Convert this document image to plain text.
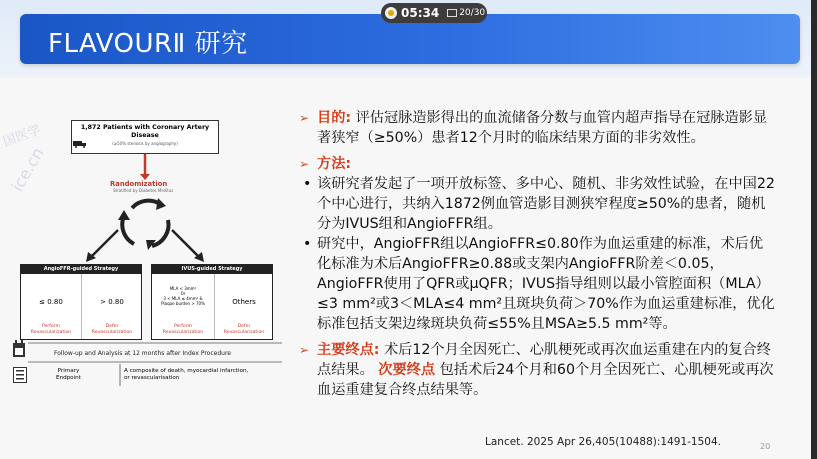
FLAVOURⅡ 研究
05:34 20/30
国医学
ice.cn
1,872 Patients with Coronary Artery Disease
(≥50% stenosis by angiography)
Randomization
Stratified by Diabetes Mellitus
AngioFFR-guided Strategy
≤ 0.80
Perform
Revascularization
> 0.80
Defer
Revascularization
IVUS-guided Strategy
MLA < 3mm²
Or
3 < MLA ≤ 4mm² &
Plaque burden > 70%
Perform
Revascularization
Others
Defer
Revascularization
Follow-up and Analysis at 12 months after Index Procedure
Primary
Endpoint
A composite of death, myocardial infarction,
or revascularisation
➢ 目的: 评估冠脉造影得出的血流储备分数与血管内超声指导在冠脉造影显著狭窄（≥50%）患者12个月时的临床结果方面的非劣效性。
➢ 方法:
• 该研究者发起了一项开放标签、多中心、随机、非劣效性试验，在中国22个中心进行，共纳入1872例血管造影目测狭窄程度≥50%的患者，随机分为IVUS组和AngioFFR组。
• 研究中，AngioFFR组以AngioFFR≤0.80作为血运重建的标准，术后优化标准为术后AngioFFR≥0.88或支架内AngioFFR阶差＜0.05，AngioFFR使用了QFR或μQFR；IVUS指导组则以最小管腔面积（MLA）≤3 mm²或3＜MLA≤4 mm²且斑块负荷＞70%作为血运重建标准，优化标准包括支架边缘斑块负荷≤55%且MSA≥5.5 mm²等。
➢ 主要终点: 术后12个月全因死亡、心肌梗死或再次血运重建在内的复合终点结果。 次要终点 包括术后24个月和60个月全因死亡、心肌梗死或再次血运重建复合终点结果等。
Lancet. 2025 Apr 26,405(10488):1491-1504.	20
